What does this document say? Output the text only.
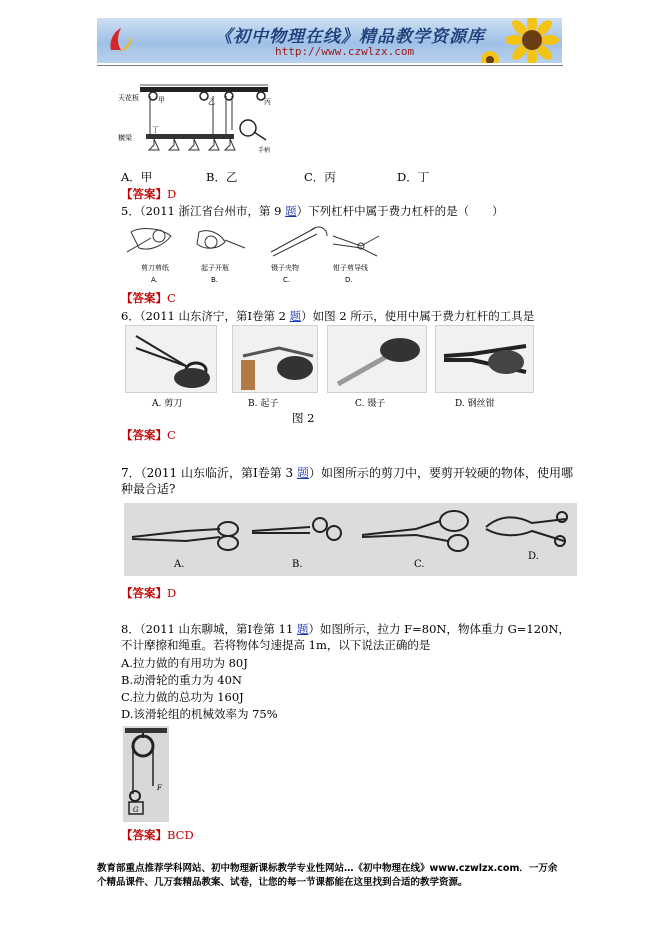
《初中物理在线》精品教学资源库
http://www.czwlzx.com
天花板
横梁
甲	乙	丙
丁
手柄
A．甲	B．乙	C．丙	D．丁
【答案】D
5．（2011 浙江省台州市，第 9 题）下列杠杆中属于费力杠杆的是（　　）
剪刀剪纸	起子开瓶	镊子夹物	钳子剪导线
A.	B.	C.	D.
【答案】C
6．（2011 山东济宁，第Ⅰ卷第 2 题）如图 2 所示，使用中属于费力杠杆的工具是
A. 剪刀	B. 起子	C. 镊子	D. 钢丝钳
图 2
【答案】C
7．（2011 山东临沂，第Ⅰ卷第 3 题）如图所示的剪刀中，要剪开较硬的物体，使用哪
种最合适?
A.	B.	C.
D.
【答案】D
8．（2011 山东聊城，第Ⅰ卷第 11 题）如图所示，拉力 F=80N，物体重力 G=120N，
不计摩擦和绳重。若将物体匀速提高 1m，以下说法正确的是
A.拉力做的有用功为 80J
B.动滑轮的重力为 40N
C.拉力做的总功为 160J
D.该滑轮组的机械效率为 75%
G
F
【答案】BCD
教育部重点推荐学科网站、初中物理新课标教学专业性网站…《初中物理在线》www.czwlzx.com．一万余
个精品课件、几万套精品教案、试卷，让您的每一节课都能在这里找到合适的教学资源。
